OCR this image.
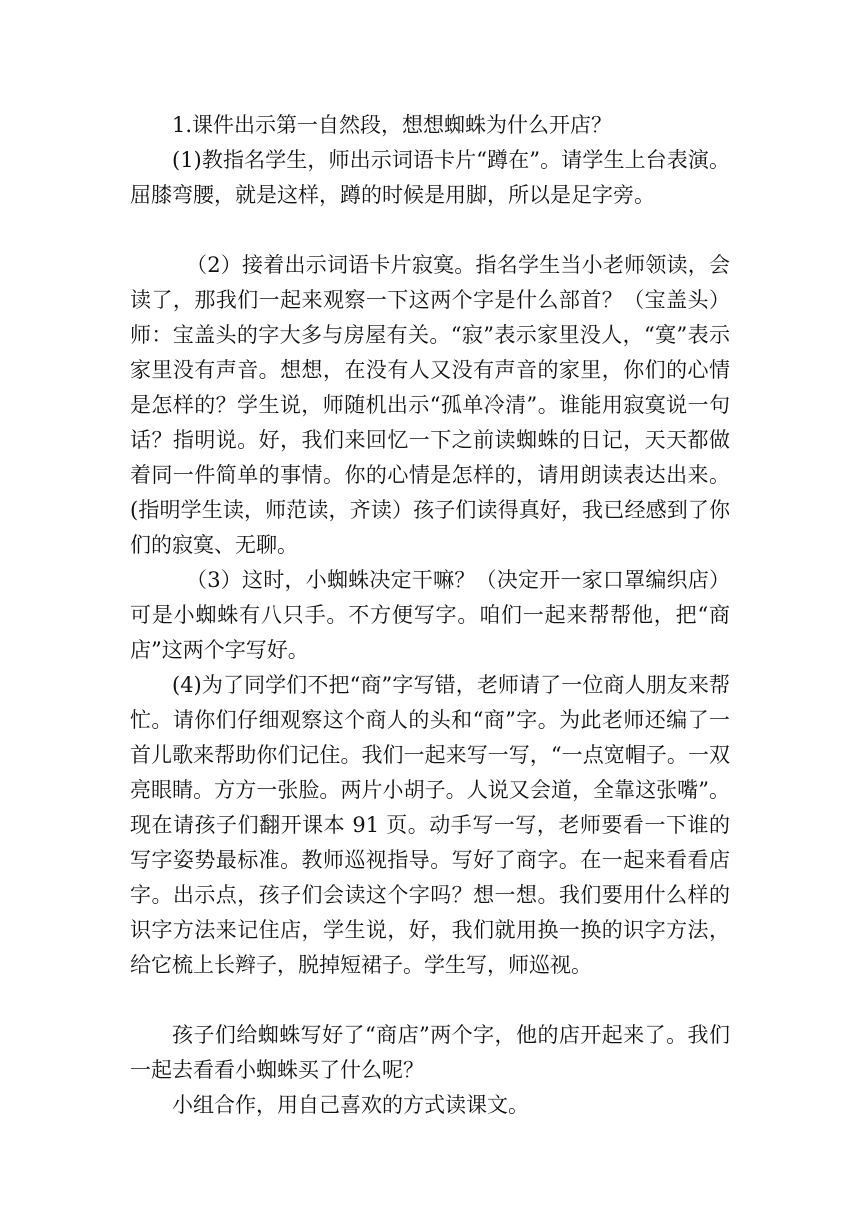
1.课件出示第一自然段，想想蜘蛛为什么开店？

(1)教指名学生，师出示词语卡片“蹲在”。请学生上台表演。屈膝弯腰，就是这样，蹲的时候是用脚，所以是足字旁。

（2）接着出示词语卡片寂寞。指名学生当小老师领读，会读了，那我们一起来观察一下这两个字是什么部首？（宝盖头）师：宝盖头的字大多与房屋有关。“寂”表示家里没人，“寞”表示家里没有声音。想想，在没有人又没有声音的家里，你们的心情是怎样的？学生说，师随机出示“孤单冷清”。谁能用寂寞说一句话？指明说。好，我们来回忆一下之前读蜘蛛的日记，天天都做着同一件简单的事情。你的心情是怎样的，请用朗读表达出来。(指明学生读，师范读，齐读）孩子们读得真好，我已经感到了你们的寂寞、无聊。

（3）这时，小蜘蛛决定干嘛？（决定开一家口罩编织店）可是小蜘蛛有八只手。不方便写字。咱们一起来帮帮他，把“商店”这两个字写好。

(4)为了同学们不把“商”字写错，老师请了一位商人朋友来帮忙。请你们仔细观察这个商人的头和“商”字。为此老师还编了一首儿歌来帮助你们记住。我们一起来写一写，“一点宽帽子。一双亮眼睛。方方一张脸。两片小胡子。人说又会道，全靠这张嘴”。现在请孩子们翻开课本 91 页。动手写一写，老师要看一下谁的写字姿势最标准。教师巡视指导。写好了商字。在一起来看看店字。出示点，孩子们会读这个字吗？想一想。我们要用什么样的识字方法来记住店，学生说，好，我们就用换一换的识字方法，给它梳上长辫子，脱掉短裙子。学生写，师巡视。

孩子们给蜘蛛写好了“商店”两个字，他的店开起来了。我们一起去看看小蜘蛛买了什么呢？

小组合作，用自己喜欢的方式读课文。
